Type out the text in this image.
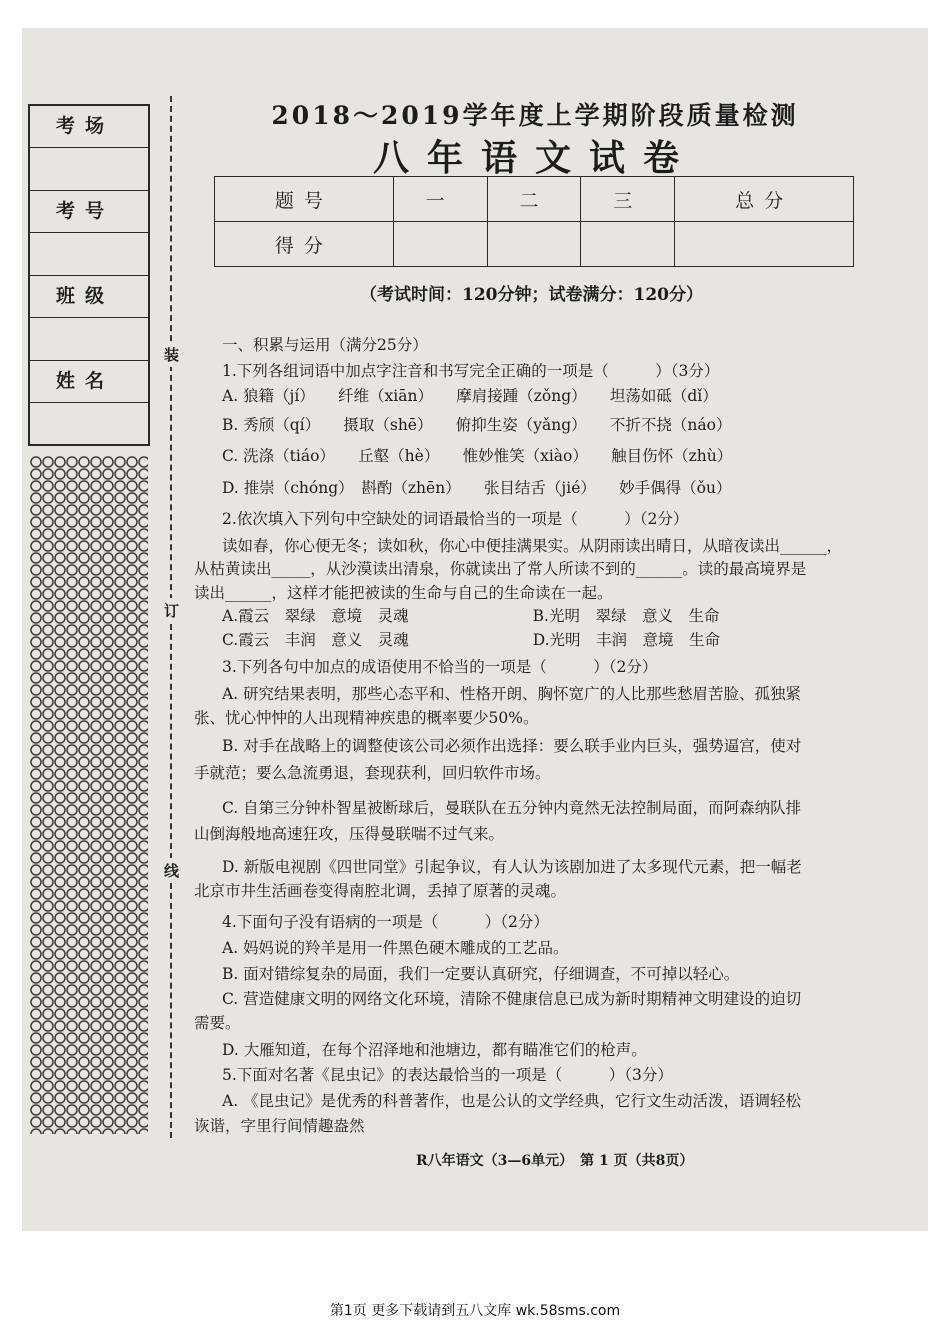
考场
考号
班级
姓名
装
订
线
2018～2019学年度上学期阶段质量检测
八年语文试卷
题号	一	二	三	总分
得分				
（考试时间：120分钟；试卷满分：120分）
一、积累与运用（满分25分）
1.下列各组词语中加点字注音和书写完全正确的一项是（　　　）（3分）
A. 狼籍（jí）　　纤维（xiān）　　摩肩接踵（zǒng）　　坦荡如砥（dǐ）
B. 秀颀（qí）　　摄取（shē）　　俯抑生姿（yǎng）　　不折不挠（náo）
C. 洗涤（tiáo）　　丘壑（hè）　　惟妙惟笑（xiào）　　触目伤怀（zhù）
D. 推崇（chóng）　斟酌（zhēn）　　张目结舌（jié）　　妙手偶得（ǒu）
2.依次填入下列句中空缺处的词语最恰当的一项是（　　　）（2分）
读如春，你心便无冬；读如秋，你心中便挂满果实。从阴雨读出晴日，从暗夜读出______，
从枯黄读出_____，从沙漠读出清泉，你就读出了常人所读不到的______。读的最高境界是
读出______，这样才能把被读的生命与自己的生命读在一起。
A.霞云　翠绿　意境　灵魂　　　　　　　　B.光明　翠绿　意义　生命
C.霞云　丰润　意义　灵魂　　　　　　　　D.光明　丰润　意境　生命
3.下列各句中加点的成语使用不恰当的一项是（　　　）（2分）
A. 研究结果表明，那些心态平和、性格开朗、胸怀宽广的人比那些愁眉苦脸、孤独紧
张、忧心忡忡的人出现精神疾患的概率要少50%。
B. 对手在战略上的调整使该公司必须作出选择：要么联手业内巨头，强势逼宫，使对
手就范；要么急流勇退，套现获利，回归软件市场。
C. 自第三分钟朴智星被断球后，曼联队在五分钟内竟然无法控制局面，而阿森纳队排
山倒海般地高速狂攻，压得曼联喘不过气来。
D. 新版电视剧《四世同堂》引起争议，有人认为该剧加进了太多现代元素，把一幅老
北京市井生活画卷变得南腔北调，丢掉了原著的灵魂。
4.下面句子没有语病的一项是（　　　）（2分）
A. 妈妈说的羚羊是用一件黑色硬木雕成的工艺品。
B. 面对错综复杂的局面，我们一定要认真研究，仔细调查，不可掉以轻心。
C. 营造健康文明的网络文化环境，清除不健康信息已成为新时期精神文明建设的迫切
需要。
D. 大雁知道，在每个沼泽地和池塘边，都有瞄准它们的枪声。
5.下面对名著《昆虫记》的表达最恰当的一项是（　　　）（3分）
A. 《昆虫记》是优秀的科普著作，也是公认的文学经典，它行文生动活泼，语调轻松
诙谐，字里行间情趣盎然
R八年语文（3—6单元）　第 1 页（共8页）
第1页 更多下载请到五八文库 wk.58sms.com
